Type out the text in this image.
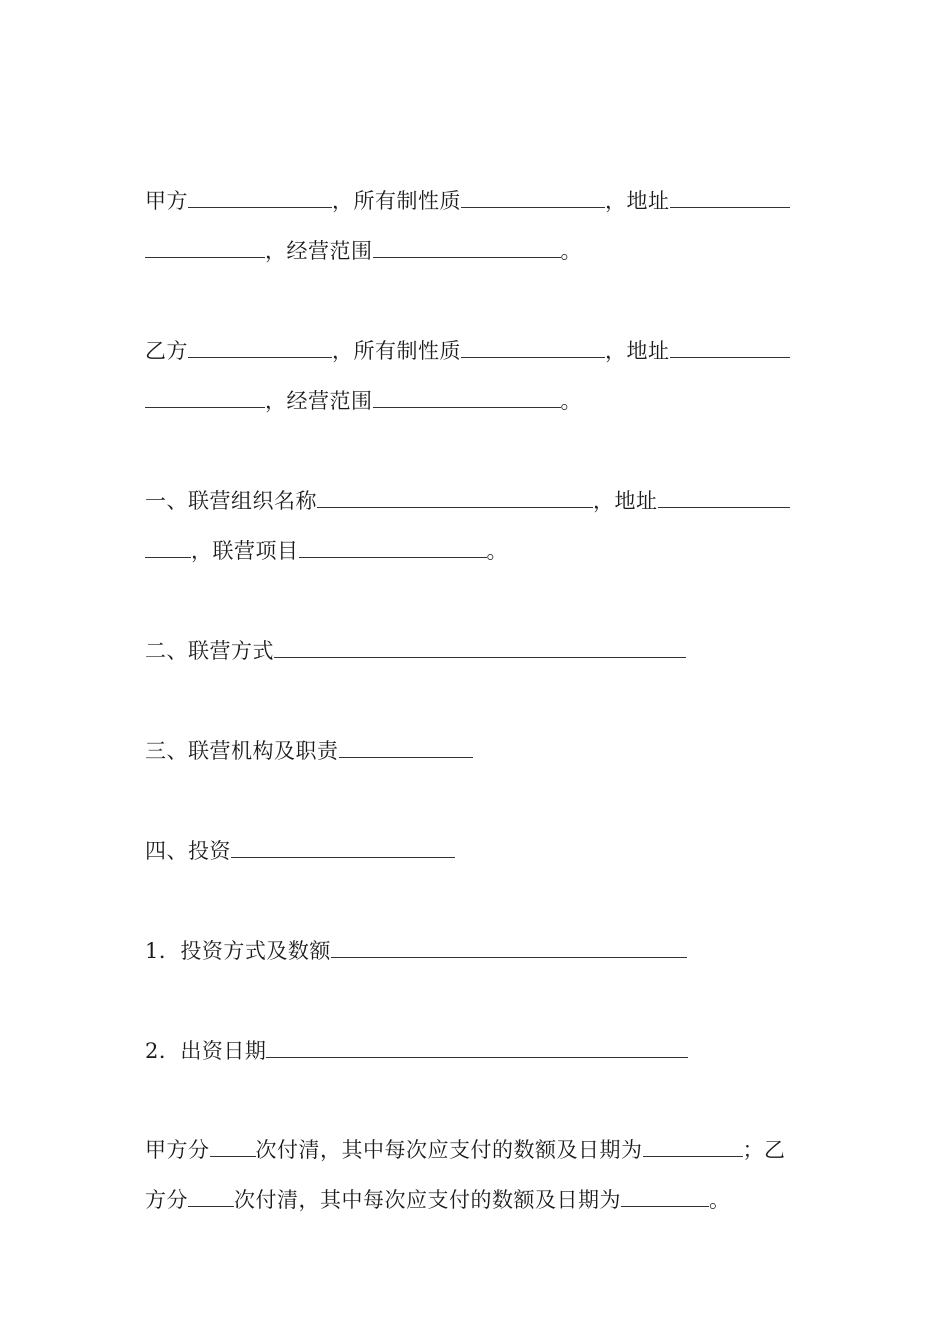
甲方	，所有制性质	，地址
，经营范围	。
乙方	，所有制性质	，地址
，经营范围	。
一、联营组织名称	，地址
，联营项目	。
二、联营方式
三、联营机构及职责
四、投资
1．投资方式及数额
2．出资日期
甲方分 次付清，其中每次应支付的数额及日期为	；乙
方分 次付清，其中每次应支付的数额及日期为	。
